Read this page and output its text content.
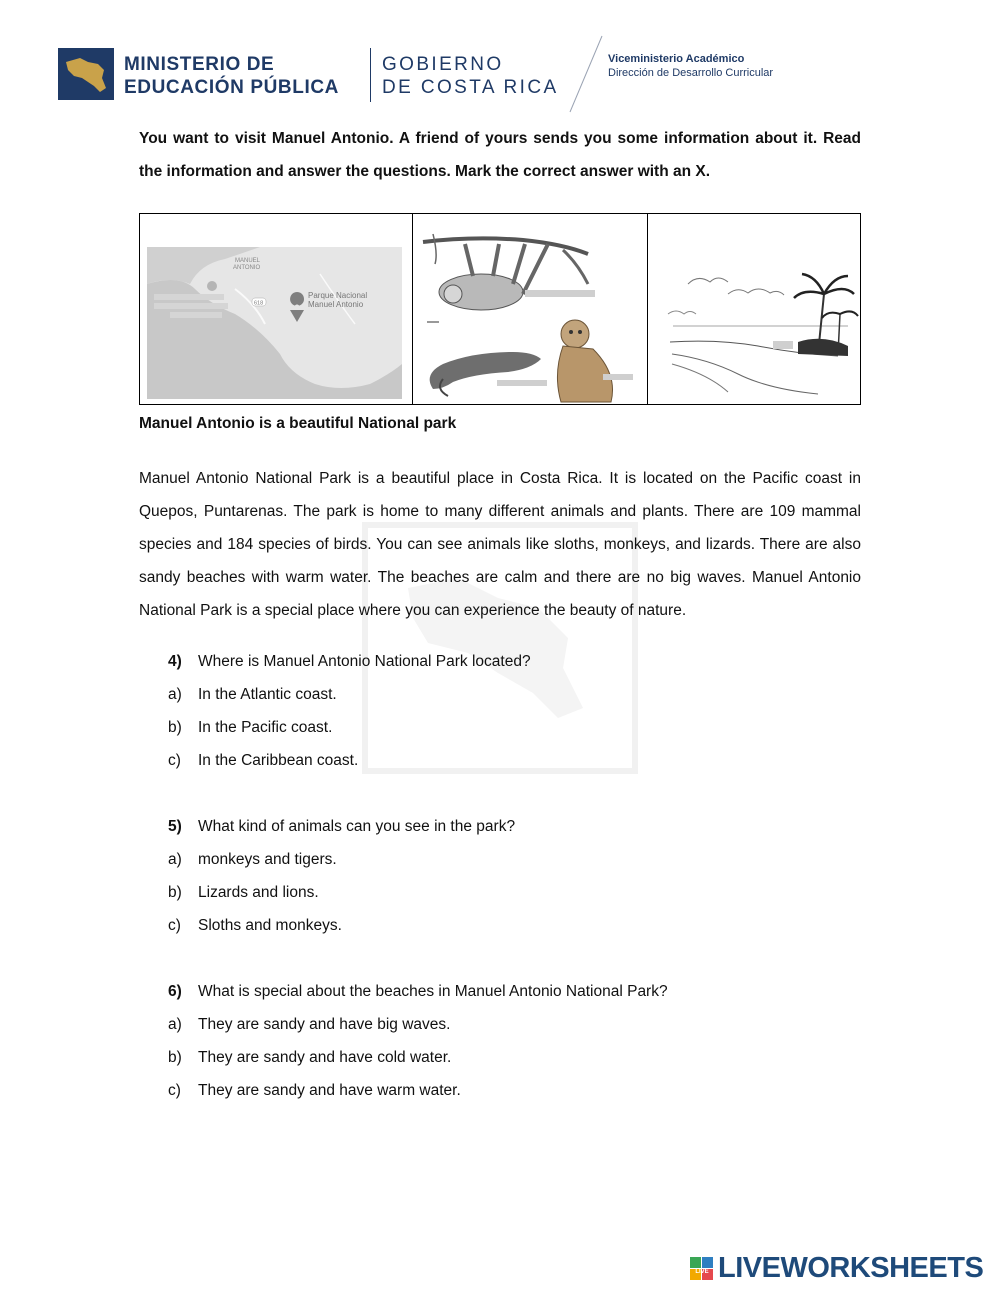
MINISTERIO DE
EDUCACIÓN PÚBLICA
GOBIERNO
DE COSTA RICA
Viceministerio Académico
Dirección de Desarrollo Curricular
You want to visit Manuel Antonio. A friend of yours sends you some information about it. Read the information and answer the questions. Mark the correct answer with an X.
MANUEL
ANTONIO
618
Parque Nacional
Manuel Antonio
Manuel Antonio is a beautiful National park

Manuel Antonio National Park is a beautiful place in Costa Rica. It is located on the Pacific coast in Quepos, Puntarenas. The park is home to many different animals and plants. There are 109 mammal species and 184 species of birds. You can see animals like sloths, monkeys, and lizards. There are also sandy beaches with warm water. The beaches are calm and there are no big waves. Manuel Antonio National Park is a special place where you can experience the beauty of nature.

4) Where is Manuel Antonio National Park located?
a) In the Atlantic coast.
b) In the Pacific coast.
c) In the Caribbean coast.
5) What kind of animals can you see in the park?
a) monkeys and tigers.
b) Lizards and lions.
c) Sloths and monkeys.
6) What is special about the beaches in Manuel Antonio National Park?
a) They are sandy and have big waves.
b) They are sandy and have cold water.
c) They are sandy and have warm water.
LIVE LIVEWORKSHEETS
